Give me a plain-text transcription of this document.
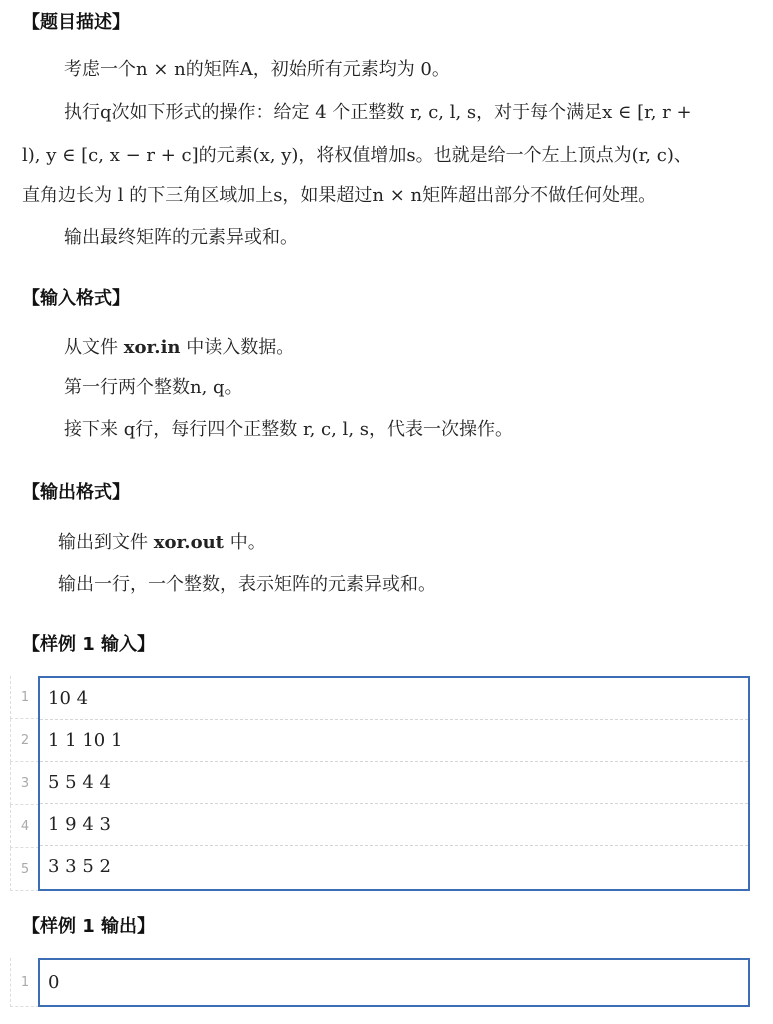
【题目描述】
考虑一个n × n的矩阵A，初始所有元素均为 0。
执行q次如下形式的操作：给定 4 个正整数 r, c, l, s，对于每个满足x ∈ [r, r +
l), y ∈ [c, x − r + c]的元素(x, y)，将权值增加s。也就是给一个左上顶点为(r, c)、
直角边长为 l 的下三角区域加上s，如果超过n × n矩阵超出部分不做任何处理。
输出最终矩阵的元素异或和。
【输入格式】
从文件 xor.in 中读入数据。
第一行两个整数n, q。
接下来 q行，每行四个正整数 r, c, l, s，代表一次操作。
【输出格式】
输出到文件 xor.out 中。
输出一行，一个整数，表示矩阵的元素异或和。
【样例 1 输入】
1
2
3
4
5
10 4
1 1 10 1
5 5 4 4
1 9 4 3
3 3 5 2
【样例 1 输出】
1	0
